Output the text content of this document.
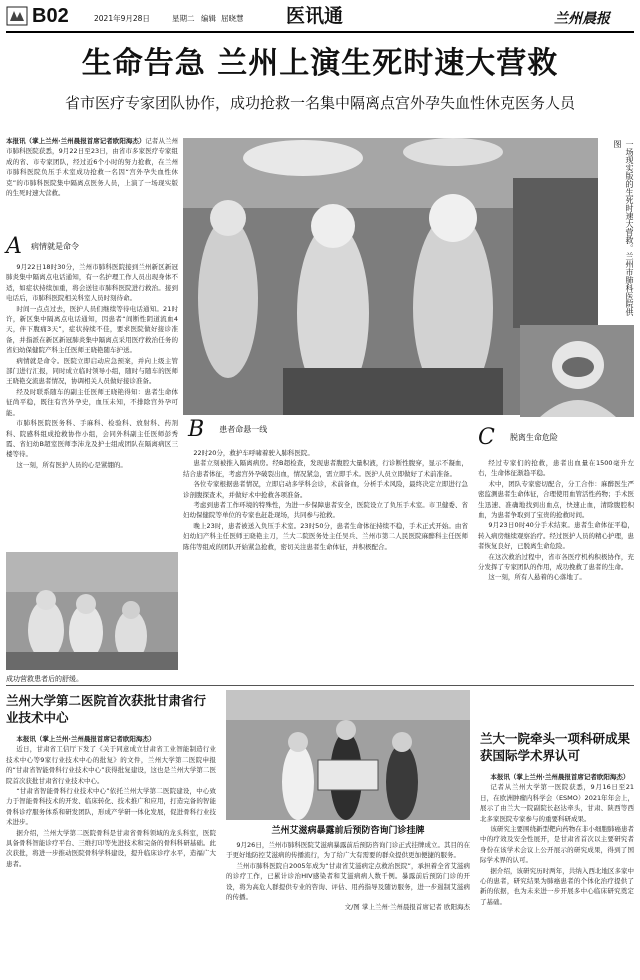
B02	2021年9月28日	星期二 编辑 屈晓慧 医讯通	兰州晨报
生命告急 兰州上演生死时速大营救
省市医疗专家团队协作，成功抢救一名集中隔离点宫外孕失血性休克医务人员
本报讯（掌上兰州·兰州晨报首席记者欧阳海杰）记者从兰州市肺科医院获悉，9月22日至23日，由省市多家医疗专家组成的省、市专家团队，经过近6个小时的努力抢救，在兰州市肺科医院负压手术室成功抢救一名因“宫外孕失血性休克”的市肺科医院集中隔离点医务人员，上演了一场现实版的生死时速大营救。
A $^{病情就是命令}$

9月22日18时30分，兰州市肺科医院接到兰州新区新冠肺炎集中隔离点电话通知，有一名护理工作人员出现身体不适，如症状持续加重，将会送往市肺科医院进行救治。接到电话后，市肺科医院相关科室人员时刻待命。

时间一点点过去，医护人员们继续等待电话通知。21时许，新区集中隔离点电话通知，因患者“间断性阴道流血4天，伴下腹痛3天”，症状持续不佳，要求医院做好接诊准备，并指派在新区新冠肺炎集中隔离点采用医疗救治任务的省妇幼保健院产科主任医师王晓艳随车护送。

病情就是命令。医院立即启动应急预案，并向上级主管部门进行汇报，同时成立临时领导小组，随时与随车的医师王晓艳交流患者情况，协调相关人员做好接诊准备。

经及时联系随车的副主任医师王晓艳得知：患者生命体征尚平稳，既往有宫外孕史，血压未知，不排除宫外孕可能。

市肺科医院医务科、手麻科、检验科、放射科、药剂科、院感科组成抢救协作小组，会同外科副主任医师彭秀霞、省妇幼B超室医师李沛龙及护士组成团队在隔离病区三楼等待。

这一刻，所有医护人员的心是紧绷的。

成功营救患者后的舒缓。
一场现实版的生死时速大营救。兰州市肺科医院供图
B $^{患者命悬一线}$

22时20分，救护车呼啸着驶入肺科医院。

患者立刻被推入隔离病房。经B超检查，发现患者腹腔大量积液，行诊断性腹穿，显示不凝血，结合患者体征，考虑宫外孕破裂出血，情况紧急，需立即手术。医护人员立即做好了术前准备。

各位专家根据患者情况，立即启动多学科会诊，术前备血，分析手术风险，最终决定立即进行急诊剖腹探查术，并做好术中抢救各项准备。

考虑到患者工作环境的特殊性，为进一步保障患者安全，医院设立了负压手术室。市卫健委、省妇幼保健院等单位的专家也赶赴现场，共同参与抢救。

晚上23时，患者被送入负压手术室。23时50分，患者生命体征持续不稳，手术正式开始。由省妇幼妇产科主任医师王晓艳主刀，兰大二院医务处主任吴兵、兰州市第二人民医院麻醉科主任医师陈伟等组成的团队开始紧急抢救，密切关注患者生命体征，并积极配合。

C $^{脱离生命危险}$

经过专家们的抢救，患者出血量在1500毫升左右，生命体征渐趋平稳。

术中，团队专家密切配合，分工合作：麻醉医生严密监测患者生命体征，合理使用血管活性药物；手术医生迅速、准确地找到出血点，快速止血，清除腹腔积血，为患者争取到了宝贵的抢救时间。

9月23日0时40分手术结束。患者生命体征平稳，转入病房继续观察治疗。经过医护人员的精心护理，患者恢复良好，已脱离生命危险。

在这次救治过程中，省市各医疗机构积极协作，充分发挥了专家团队的作用，成功挽救了患者的生命。

这一刻，所有人悬着的心落地了。

兰州大学第二医院首次获批甘肃省行业技术中心

本报讯（掌上兰州·兰州晨报首席记者欧阳海杰）

近日，甘肃省工信厅下发了《关于同意成立甘肃省工业智能制造行业技术中心等9家行业技术中心的批复》的文件，兰州大学第二医院申报的“甘肃省智能骨科行业技术中心”获得批复建设，这也是兰州大学第二医院首次获批甘肃省行业技术中心。

“甘肃省智能骨科行业技术中心”依托兰州大学第二医院建设，中心致力于智能骨科技术的开发、临床转化、技术推广和应用，打造完备的智能骨科诊疗服务体系和研发团队，形成产学研一体化发展，促进骨科行业技术进步。

据介绍，兰州大学第二医院骨科是甘肃省骨科领域的龙头科室，医院具备骨科智能诊疗平台、三维打印等先进技术和完备的骨科科研基础。此次获批，将进一步推动医院骨科学科建设，提升临床诊疗水平，造福广大患者。

兰州艾滋病暴露前后预防咨询门诊挂牌

9月26日，兰州市肺科医院艾滋病暴露前后预防咨询门诊正式挂牌成立。其目的在于更好地防控艾滋病的传播流行，为了给广大有需要的群众提供更加便捷的服务。

兰州市肺科医院自2005年成为“甘肃省艾滋病定点救治医院”，承担着全省艾滋病的诊疗工作，已累计诊治HIV感染者和艾滋病病人数千例。暴露前后预防门诊的开设，将为高危人群提供专业的咨询、评估、用药指导及随访服务，进一步遏制艾滋病的传播。

文/图 掌上兰州·兰州晨报首席记者 欧阳海杰

兰大一院牵头一项科研成果获国际学术界认可

本报讯（掌上兰州·兰州晨报首席记者欧阳海杰）

记者从兰州大学第一医院获悉，9月16日至21日，在欧洲肿瘤内科学会（ESMO）2021年年会上，展示了由兰大一院副院长赵达牵头，甘肃、陕西等西北多家医院专家参与的重要科研成果。

该研究主要围绕新型靶向药物在非小细胞肺癌患者中的疗效及安全性展开，是甘肃省首次以主要研究者身份在该学术会议上公开展示的研究成果，得到了国际学术界的认可。

据介绍，该研究历时两年，共纳入西北地区多家中心的患者，研究结果为肺癌患者的个体化治疗提供了新的依据，也为未来进一步开展多中心临床研究奠定了基础。
